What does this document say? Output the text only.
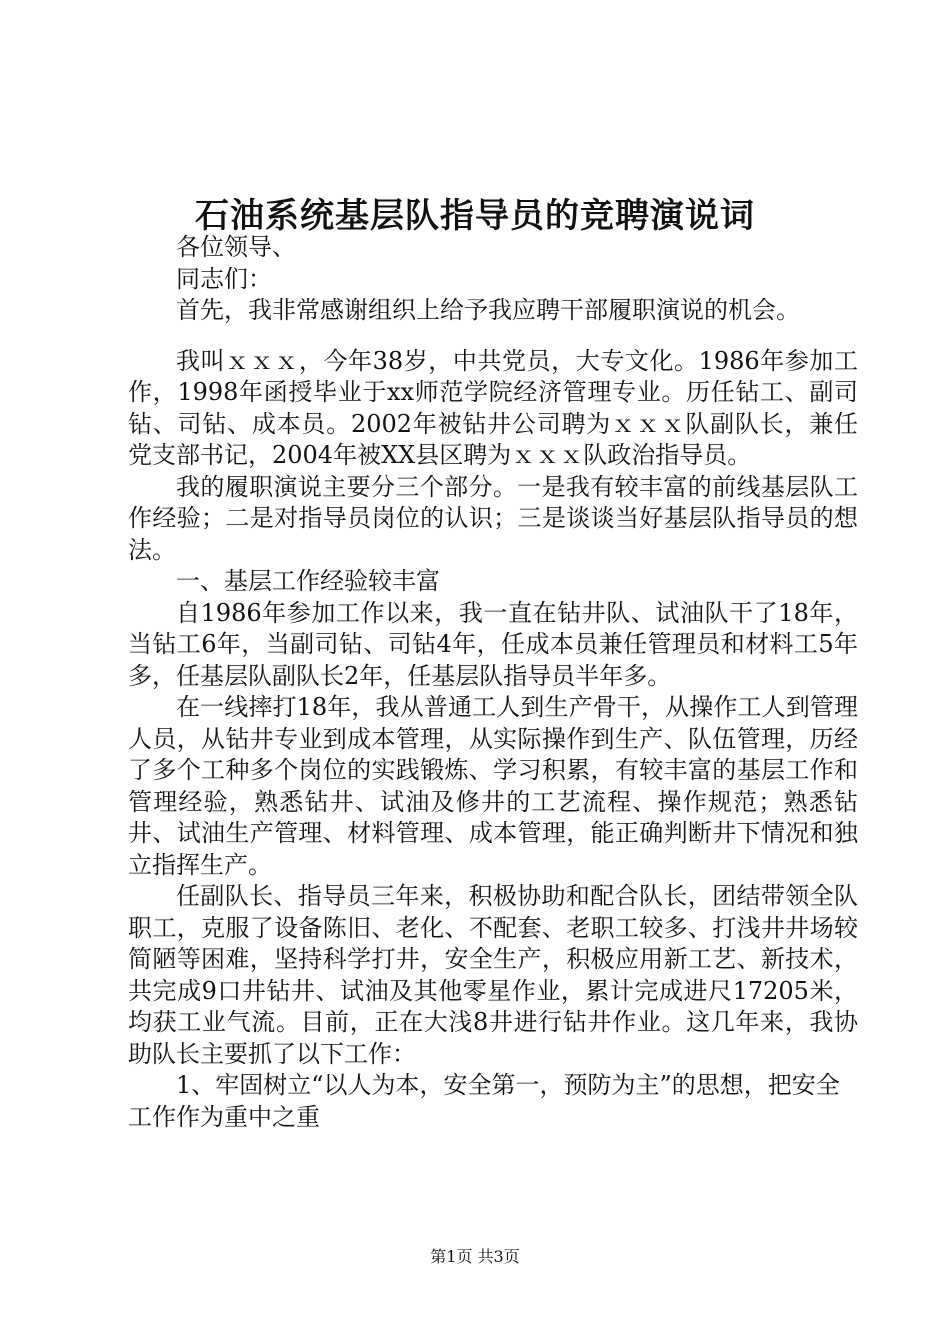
石油系统基层队指导员的竞聘演说词

各位领导、

同志们：

首先，我非常感谢组织上给予我应聘干部履职演说的机会。

我叫ｘｘｘ，今年38岁，中共党员，大专文化。1986年参加工作，1998年函授毕业于xx师范学院经济管理专业。历任钻工、副司钻、司钻、成本员。2002年被钻井公司聘为ｘｘｘ队副队长，兼任党支部书记，2004年被XX县区聘为ｘｘｘ队政治指导员。

我的履职演说主要分三个部分。一是我有较丰富的前线基层队工作经验；二是对指导员岗位的认识；三是谈谈当好基层队指导员的想法。

一、基层工作经验较丰富

自1986年参加工作以来，我一直在钻井队、试油队干了18年，当钻工6年，当副司钻、司钻4年，任成本员兼任管理员和材料工5年多，任基层队副队长2年，任基层队指导员半年多。

在一线摔打18年，我从普通工人到生产骨干，从操作工人到管理人员，从钻井专业到成本管理，从实际操作到生产、队伍管理，历经了多个工种多个岗位的实践锻炼、学习积累，有较丰富的基层工作和管理经验，熟悉钻井、试油及修井的工艺流程、操作规范；熟悉钻井、试油生产管理、材料管理、成本管理，能正确判断井下情况和独立指挥生产。

任副队长、指导员三年来，积极协助和配合队长，团结带领全队职工，克服了设备陈旧、老化、不配套、老职工较多、打浅井井场较简陋等困难，坚持科学打井，安全生产，积极应用新工艺、新技术，共完成9口井钻井、试油及其他零星作业，累计完成进尺17205米，均获工业气流。目前，正在大浅8井进行钻井作业。这几年来，我协助队长主要抓了以下工作：

1、牢固树立“以人为本，安全第一，预防为主”的思想，把安全工作作为重中之重

第1页 共3页
